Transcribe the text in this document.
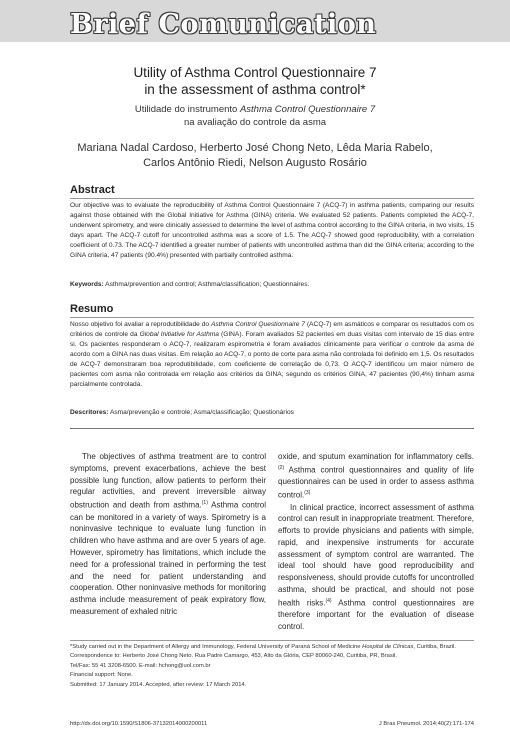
Brief Comunication
Utility of Asthma Control Questionnaire 7
in the assessment of asthma control*
Utilidade do instrumento Asthma Control Questionnaire 7
na avaliação do controle da asma
Mariana Nadal Cardoso, Herberto José Chong Neto, Lêda Maria Rabelo,
Carlos Antônio Riedi, Nelson Augusto Rosário
Abstract
Our objective was to evaluate the reproducibility of Asthma Control Questionnaire 7 (ACQ-7) in asthma patients, comparing our results against those obtained with the Global Initiative for Asthma (GINA) criteria. We evaluated 52 patients. Patients completed the ACQ-7, underwent spirometry, and were clinically assessed to determine the level of asthma control according to the GINA criteria, in two visits, 15 days apart. The ACQ-7 cutoff for uncontrolled asthma was a score of 1.5. The ACQ-7 showed good reproducibility, with a correlation coefficient of 0.73. The ACQ-7 identified a greater number of patients with uncontrolled asthma than did the GINA criteria; according to the GINA criteria, 47 patients (90.4%) presented with partially controlled asthma.
Keywords: Asthma/prevention and control; Asthma/classification; Questionnaires.
Resumo
Nosso objetivo foi avaliar a reprodutibilidade do Asthma Control Questionnaire 7 (ACQ-7) em asmáticos e comparar os resultados com os critérios de controle da Global Initiative for Asthma (GINA). Foram avaliados 52 pacientes em duas visitas com intervalo de 15 dias entre si. Os pacientes responderam o ACQ-7, realizaram espirometria e foram avaliados clinicamente para verificar o controle da asma de acordo com a GINA nas duas visitas. Em relação ao ACQ-7, o ponto de corte para asma não controlada foi definido em 1,5. Os resultados de ACQ-7 demonstraram boa reprodutibilidade, com coeficiente de correlação de 0,73. O ACQ-7 identificou um maior número de pacientes com asma não controlada em relação aos critérios da GINA; segundo os critérios GINA, 47 pacientes (90,4%) tinham asma parcialmente controlada.
Descritores: Asma/prevenção e controle; Asma/classificação; Questionários

The objectives of asthma treatment are to control symptoms, prevent exacerbations, achieve the best possible lung function, allow patients to perform their regular activities, and prevent irreversible airway obstruction and death from asthma.$^{(1)}$ Asthma control can be monitored in a variety of ways. Spirometry is a noninvasive technique to evaluate lung function in children who have asthma and are over 5 years of age. However, spirometry has limitations, which include the need for a professional trained in performing the test and the need for patient understanding and cooperation. Other noninvasive methods for monitoring asthma include measurement of peak expiratory flow, measurement of exhaled nitric

oxide, and sputum examination for inflammatory cells.$^{(2)}$ Asthma control questionnaires and quality of life questionnaires can be used in order to assess asthma control.$^{(3)}$

In clinical practice, incorrect assessment of asthma control can result in inappropriate treatment. Therefore, efforts to provide physicians and patients with simple, rapid, and inexpensive instruments for accurate assessment of symptom control are warranted. The ideal tool should have good reproducibility and responsiveness, should provide cutoffs for uncontrolled asthma, should be practical, and should not pose health risks.$^{(4)}$ Asthma control questionnaires are therefore important for the evaluation of disease control.

*Study carried out in the Department of Allergy and Immunology, Federal University of Paraná School of Medicine Hospital de Clínicas, Curitiba, Brazil.
Correspondence to: Herberto José Chong Neto. Rua Padre Camargo, 453, Alto da Glória, CEP 80060-240, Curitiba, PR, Brasil.
Tel/Fax: 55 41 3208-6500. E-mail: hchong@uol.com.br
Financial support: None.
Submitted: 17 January 2014. Accepted, after review: 17 March 2014.
http://dx.doi.org/10.1590/S1806-37132014000200011	J Bras Pneumol. 2014;40(2):171-174
